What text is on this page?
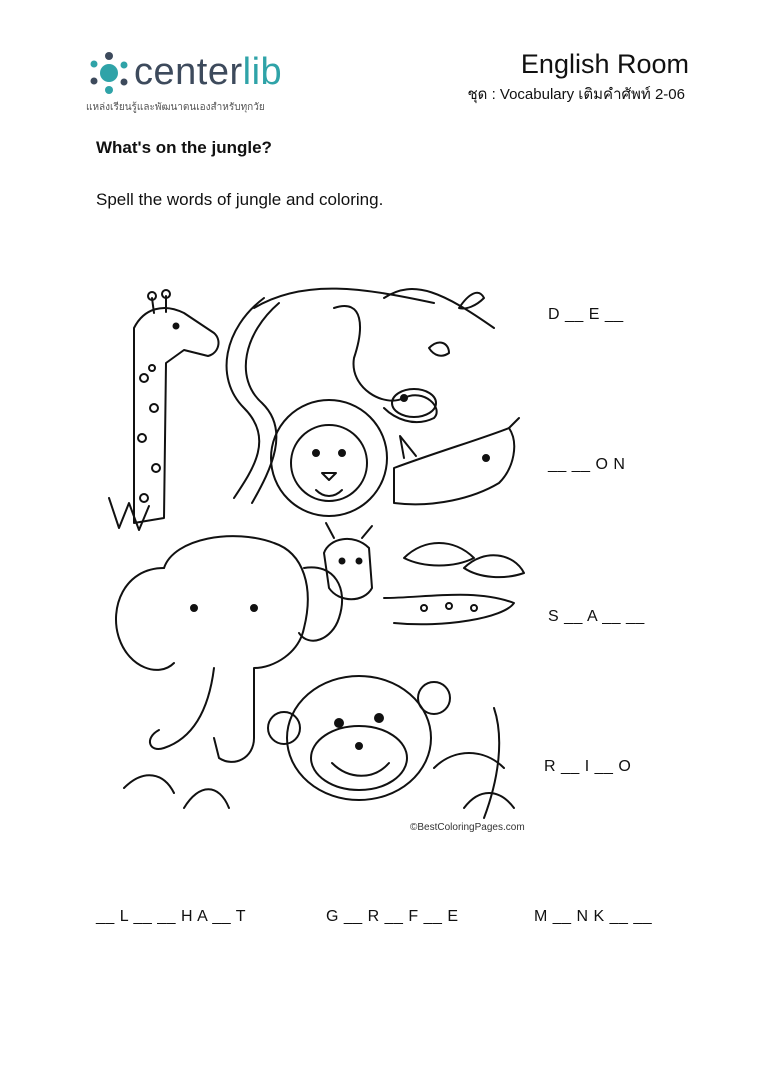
centerlib
แหล่งเรียนรู้และพัฒนาตนเองสำหรับทุกวัย
English Room
ชุด : Vocabulary เติมคำศัพท์ 2-06
What's on the jungle?
Spell the words of jungle and coloring.
©BestColoringPages.com
D __ E __
__ __ O N
S __ A __ __
R __ I __ O
__ L __ __ H A __ T	G __ R __ F __ E	M __ N K __ __
